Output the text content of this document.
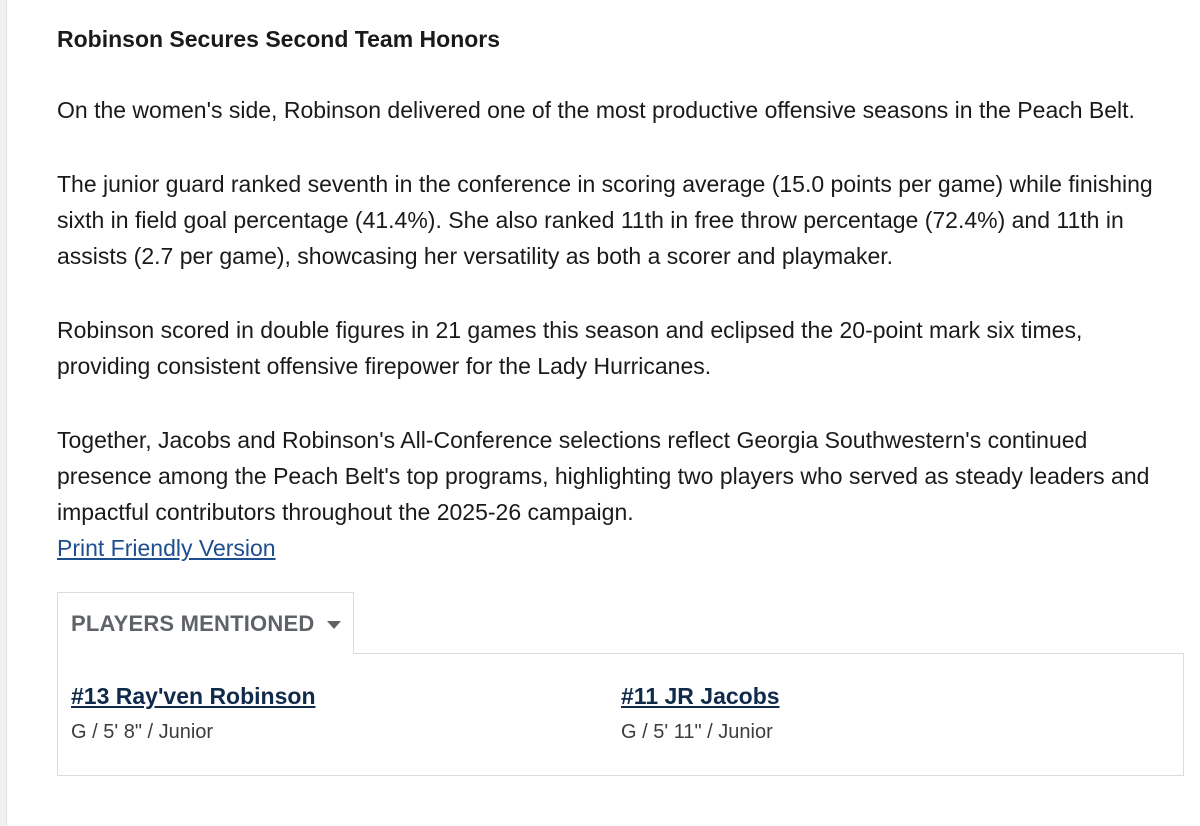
Robinson Secures Second Team Honors

On the women's side, Robinson delivered one of the most productive offensive seasons in the Peach Belt.

The junior guard ranked seventh in the conference in scoring average (15.0 points per game) while finishing sixth in field goal percentage (41.4%). She also ranked 11th in free throw percentage (72.4%) and 11th in assists (2.7 per game), showcasing her versatility as both a scorer and playmaker.

Robinson scored in double figures in 21 games this season and eclipsed the 20-point mark six times, providing consistent offensive firepower for the Lady Hurricanes.

Together, Jacobs and Robinson's All-Conference selections reflect Georgia Southwestern's continued presence among the Peach Belt's top programs, highlighting two players who served as steady leaders and impactful contributors throughout the 2025-26 campaign.

Print Friendly Version
PLAYERS MENTIONED
#13 Ray'ven Robinson
G / 5' 8" / Junior
#11 JR Jacobs
G / 5' 11" / Junior
